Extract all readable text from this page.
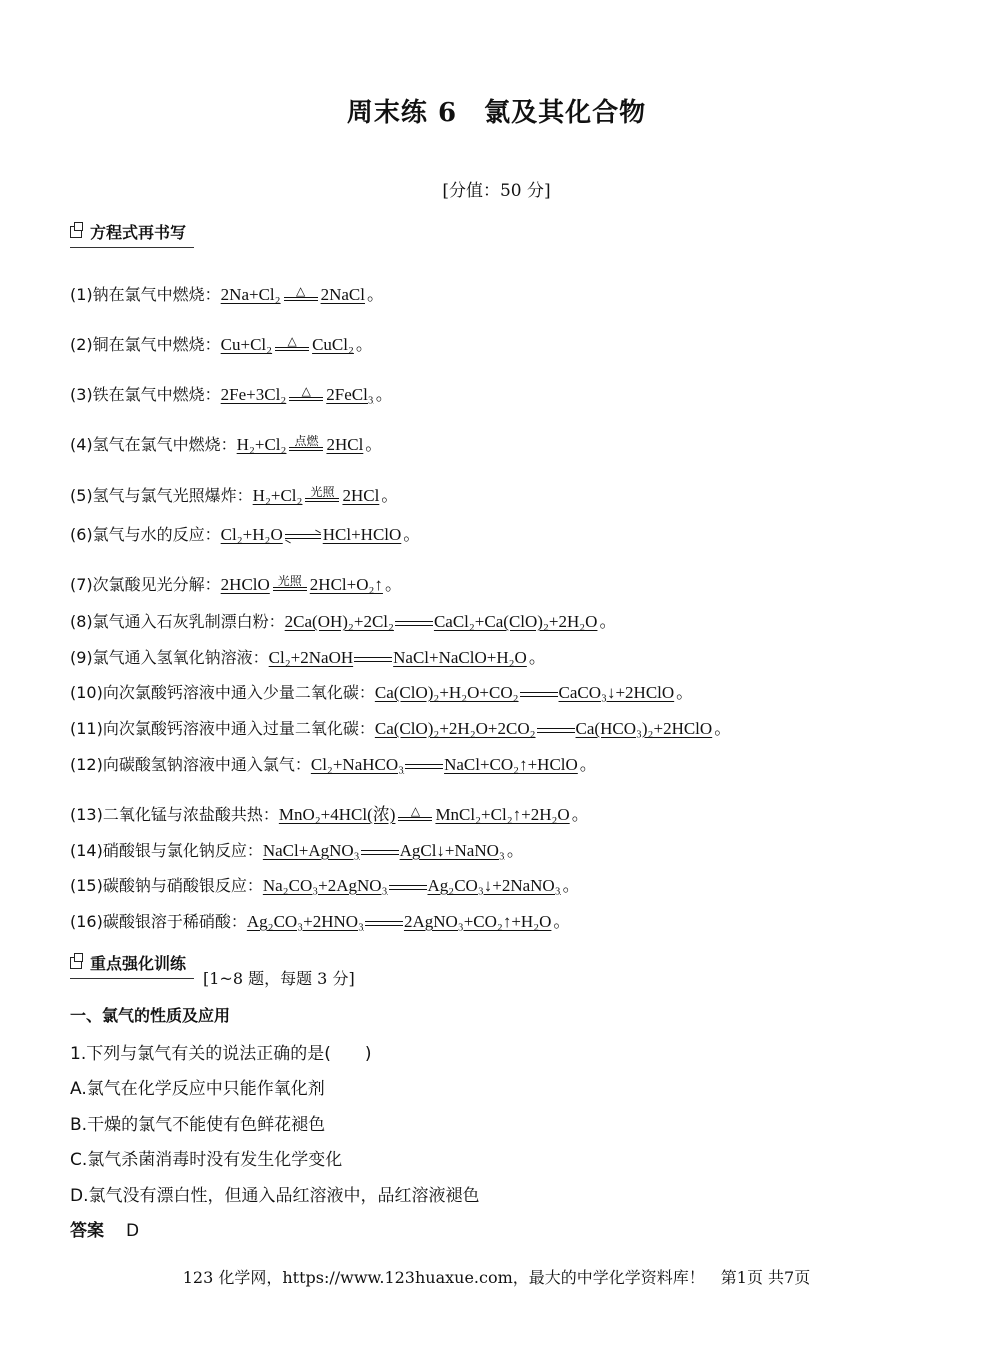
周末练 6　氯及其化合物
[分值：50 分]
方程式再书写
(1)钠在氯气中燃烧： 2Na+Cl₂ △ 2NaCl 。
(2)铜在氯气中燃烧： Cu+Cl₂ △ CuCl₂ 。
(3)铁在氯气中燃烧： 2Fe+3Cl₂ △ 2FeCl₃ 。
(4)氢气在氯气中燃烧： H₂+Cl₂ 点燃 2HCl 。
(5)氢气与氯气光照爆炸： H₂+Cl₂ 光照 2HCl 。
(6)氯气与水的反应： Cl₂+H₂O HCl+HClO 。
(7)次氯酸见光分解： 2HClO 光照 2HCl+O₂↑ 。
(8)氯气通入石灰乳制漂白粉： 2Ca(OH)₂+2Cl₂ CaCl₂+Ca(ClO)₂+2H₂O 。
(9)氯气通入氢氧化钠溶液： Cl₂+2NaOH NaCl+NaClO+H₂O 。
(10)向次氯酸钙溶液中通入少量二氧化碳： Ca(ClO)₂+H₂O+CO₂ CaCO₃↓+2HClO 。
(11)向次氯酸钙溶液中通入过量二氧化碳： Ca(ClO)₂+2H₂O+2CO₂ Ca(HCO₃)₂+2HClO 。
(12)向碳酸氢钠溶液中通入氯气： Cl₂+NaHCO₃ NaCl+CO₂↑+HClO 。
(13)二氧化锰与浓盐酸共热： MnO₂+4HCl(浓) △ MnCl₂+Cl₂↑+2H₂O 。
(14)硝酸银与氯化钠反应： NaCl+AgNO₃ AgCl↓+NaNO₃ 。
(15)碳酸钠与硝酸银反应： Na₂CO₃+2AgNO₃ Ag₂CO₃↓+2NaNO₃ 。
(16)碳酸银溶于稀硝酸： Ag₂CO₃+2HNO₃ 2AgNO₃+CO₂↑+H₂O 。
重点强化训练
[1~8 题，每题 3 分]
一、氯气的性质及应用
1.下列与氯气有关的说法正确的是(　　)
A.氯气在化学反应中只能作氧化剂
B.干燥的氯气不能使有色鲜花褪色
C.氯气杀菌消毒时没有发生化学变化
D.氯气没有漂白性，但通入品红溶液中，品红溶液褪色
答案 D
123 化学网，https://www.123huaxue.com，最大的中学化学资料库！　第1页 共7页
